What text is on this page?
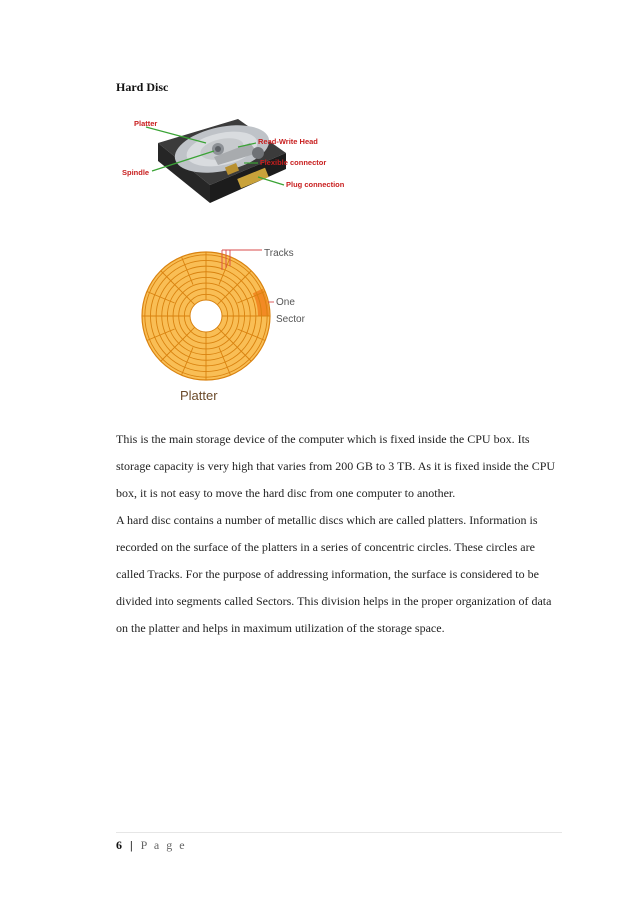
Hard Disc
Platter
Spindle
Read-Write Head
Flexible connector
Plug connection
Tracks
One
Sector
Platter

This is the main storage device of the computer which is fixed inside the CPU box. Its storage capacity is very high that varies from 200 GB to 3 TB. As it is fixed inside the CPU box, it is not easy to move the hard disc from one computer to another.

A hard disc contains a number of metallic discs which are called platters. Information is recorded on the surface of the platters in a series of concentric circles. These circles are called Tracks. For the purpose of addressing information, the surface is considered to be divided into segments called Sectors. This division helps in the proper organization of data on the platter and helps in maximum utilization of the storage space.

6 | P a g e
